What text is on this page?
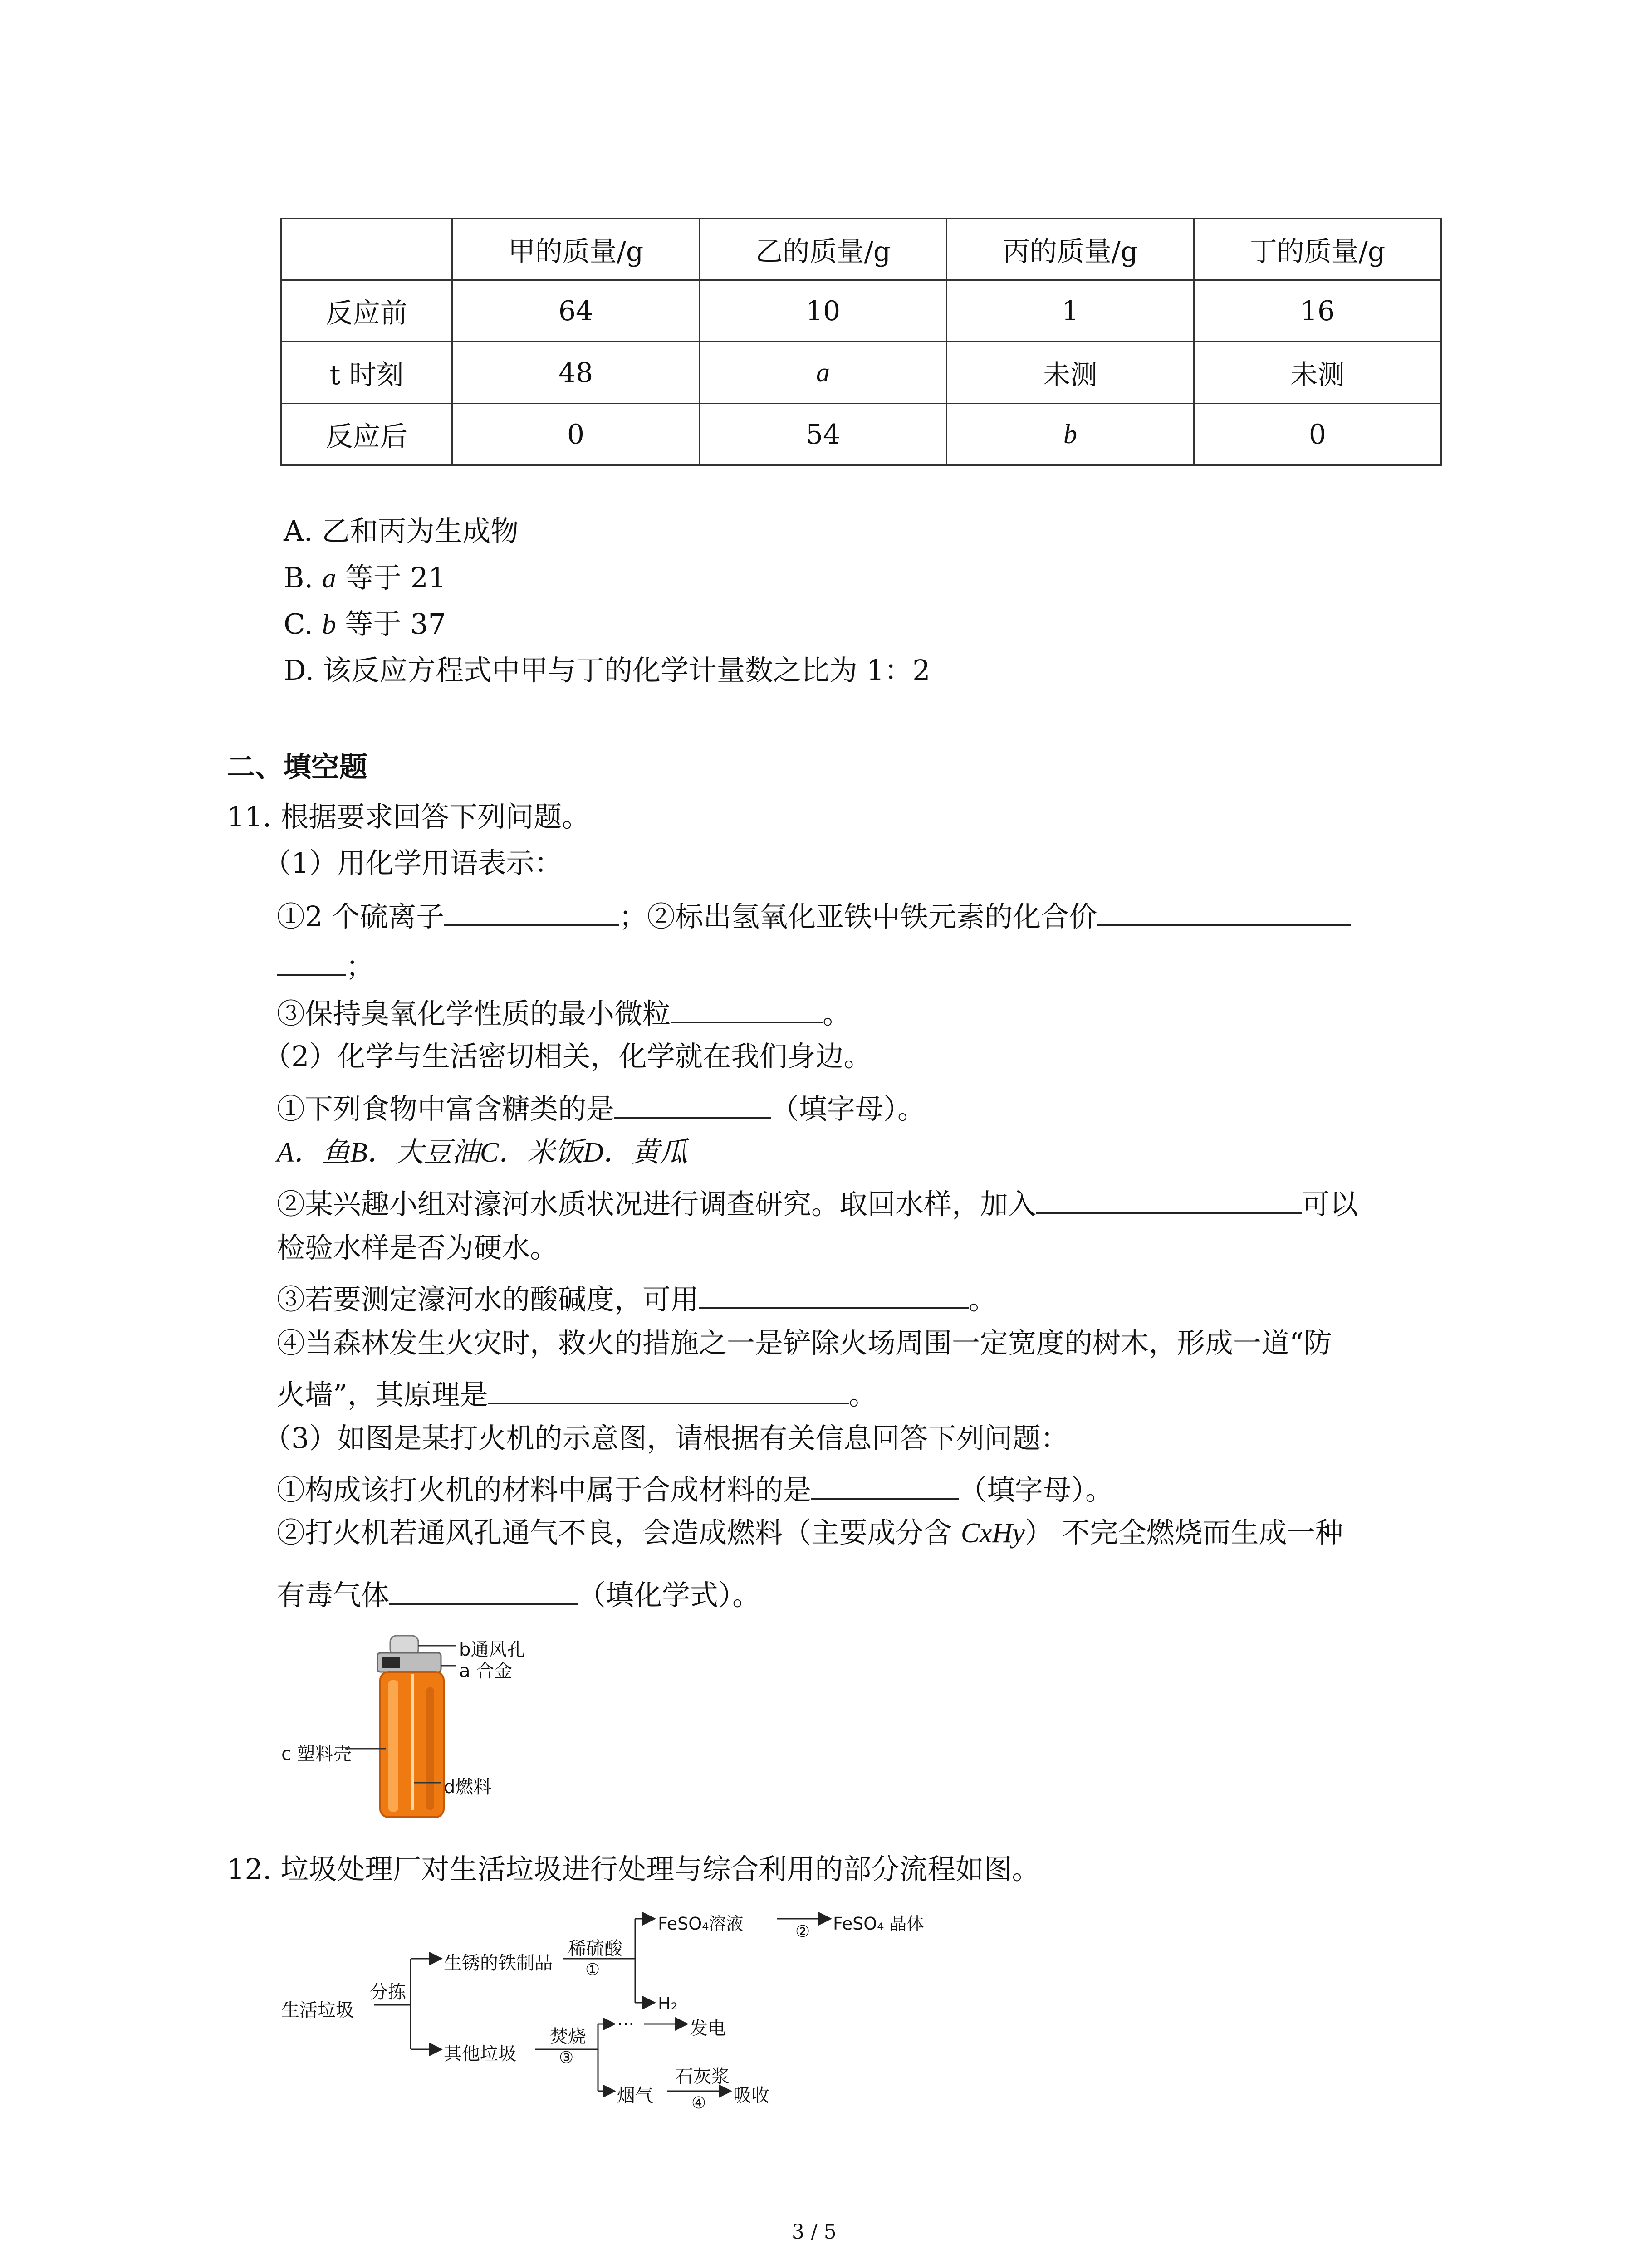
	甲的质量/g	乙的质量/g	丙的质量/g	丁的质量/g
反应前	64	10	1	16
t 时刻	48	a	未测	未测
反应后	0	54	b	0
A. 乙和丙为生成物
B. a 等于 21
C. b 等于 37
D. 该反应方程式中甲与丁的化学计量数之比为 1：2
二、填空题
11. 根据要求回答下列问题。
（1）用化学用语表示：
①2 个硫离子	；②标出氢氧化亚铁中铁元素的化合价
；
③保持臭氧化学性质的最小微粒	。
（2）化学与生活密切相关，化学就在我们身边。
①下列食物中富含糖类的是	（填字母）。
A．鱼B．大豆油C．米饭D．黄瓜
②某兴趣小组对濠河水质状况进行调查研究。取回水样，加入	可以
检验水样是否为硬水。
③若要测定濠河水的酸碱度，可用	。
④当森林发生火灾时，救火的措施之一是铲除火场周围一定宽度的树木，形成一道“防
火墙”，其原理是	。
（3）如图是某打火机的示意图，请根据有关信息回答下列问题：
①构成该打火机的材料中属于合成材料的是	（填字母）。
②打火机若通风孔通气不良，会造成燃料（主要成分含 CxHy） 不完全燃烧而生成一种
有毒气体	（填化学式）。
b通风孔
a 合金
c 塑料壳
d燃料
12. 垃圾处理厂对生活垃圾进行处理与综合利用的部分流程如图。
生活垃圾
分拣
生锈的铁制品
稀硫酸
①
FeSO₄溶液	② FeSO₄ 晶体
H₂
其他垃圾
焚烧
③
···	发电
烟气
石灰浆
④ 吸收
3 / 5
